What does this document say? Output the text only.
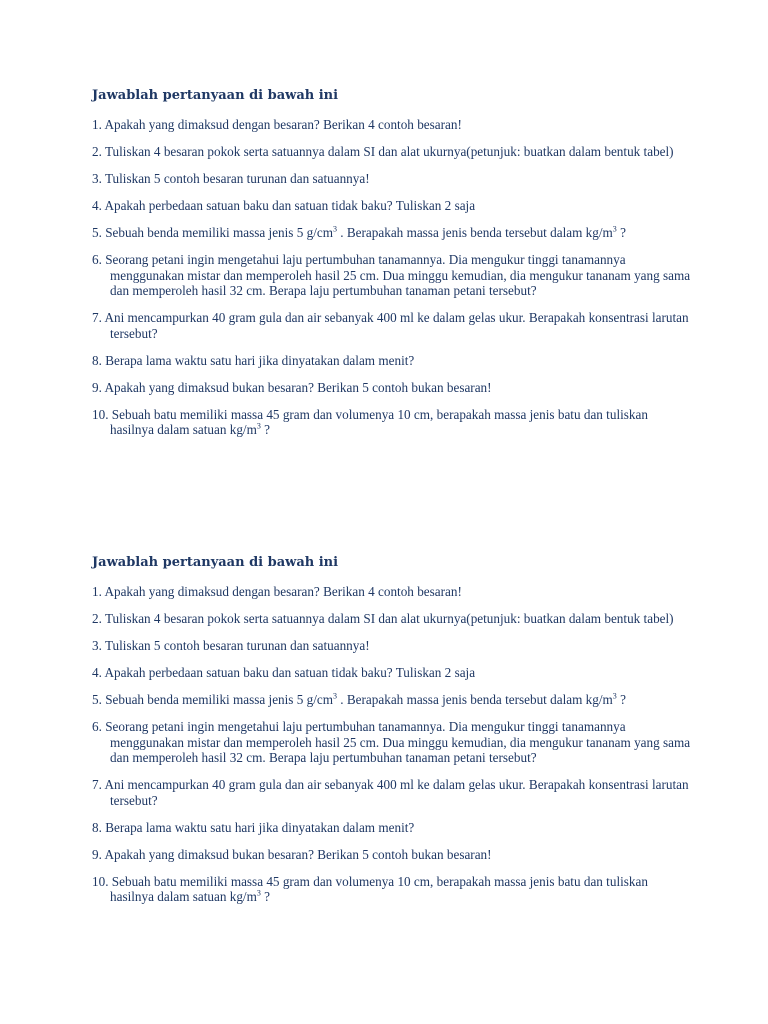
Jawablah pertanyaan di bawah ini
1. Apakah yang dimaksud dengan besaran? Berikan 4 contoh besaran!
2. Tuliskan 4 besaran pokok serta satuannya dalam SI dan alat ukurnya(petunjuk: buatkan dalam bentuk tabel)
3. Tuliskan 5 contoh besaran turunan dan satuannya!
4. Apakah perbedaan satuan baku dan satuan tidak baku? Tuliskan 2 saja
5. Sebuah benda memiliki massa jenis 5 $g/cm^3$ . Berapakah massa jenis benda tersebut dalam $kg/m^3$ ?
6. Seorang petani ingin mengetahui laju pertumbuhan tanamannya. Dia mengukur tinggi tanamannya menggunakan mistar dan memperoleh hasil 25 cm. Dua minggu kemudian, dia mengukur tananam yang sama dan memperoleh hasil 32 cm. Berapa laju pertumbuhan tanaman petani tersebut?
7. Ani mencampurkan 40 gram gula dan air sebanyak 400 ml ke dalam gelas ukur. Berapakah konsentrasi larutan tersebut?
8. Berapa lama waktu satu hari jika dinyatakan dalam menit?
9. Apakah yang dimaksud bukan besaran? Berikan 5 contoh bukan besaran!
10. Sebuah batu memiliki massa 45 gram dan volumenya 10 cm, berapakah massa jenis batu dan tuliskan hasilnya dalam satuan $kg/m^3$ ?
Jawablah pertanyaan di bawah ini
1. Apakah yang dimaksud dengan besaran? Berikan 4 contoh besaran!
2. Tuliskan 4 besaran pokok serta satuannya dalam SI dan alat ukurnya(petunjuk: buatkan dalam bentuk tabel)
3. Tuliskan 5 contoh besaran turunan dan satuannya!
4. Apakah perbedaan satuan baku dan satuan tidak baku? Tuliskan 2 saja
5. Sebuah benda memiliki massa jenis 5 $g/cm^3$ . Berapakah massa jenis benda tersebut dalam $kg/m^3$ ?
6. Seorang petani ingin mengetahui laju pertumbuhan tanamannya. Dia mengukur tinggi tanamannya menggunakan mistar dan memperoleh hasil 25 cm. Dua minggu kemudian, dia mengukur tananam yang sama dan memperoleh hasil 32 cm. Berapa laju pertumbuhan tanaman petani tersebut?
7. Ani mencampurkan 40 gram gula dan air sebanyak 400 ml ke dalam gelas ukur. Berapakah konsentrasi larutan tersebut?
8. Berapa lama waktu satu hari jika dinyatakan dalam menit?
9. Apakah yang dimaksud bukan besaran? Berikan 5 contoh bukan besaran!
10. Sebuah batu memiliki massa 45 gram dan volumenya 10 cm, berapakah massa jenis batu dan tuliskan hasilnya dalam satuan $kg/m^3$ ?
